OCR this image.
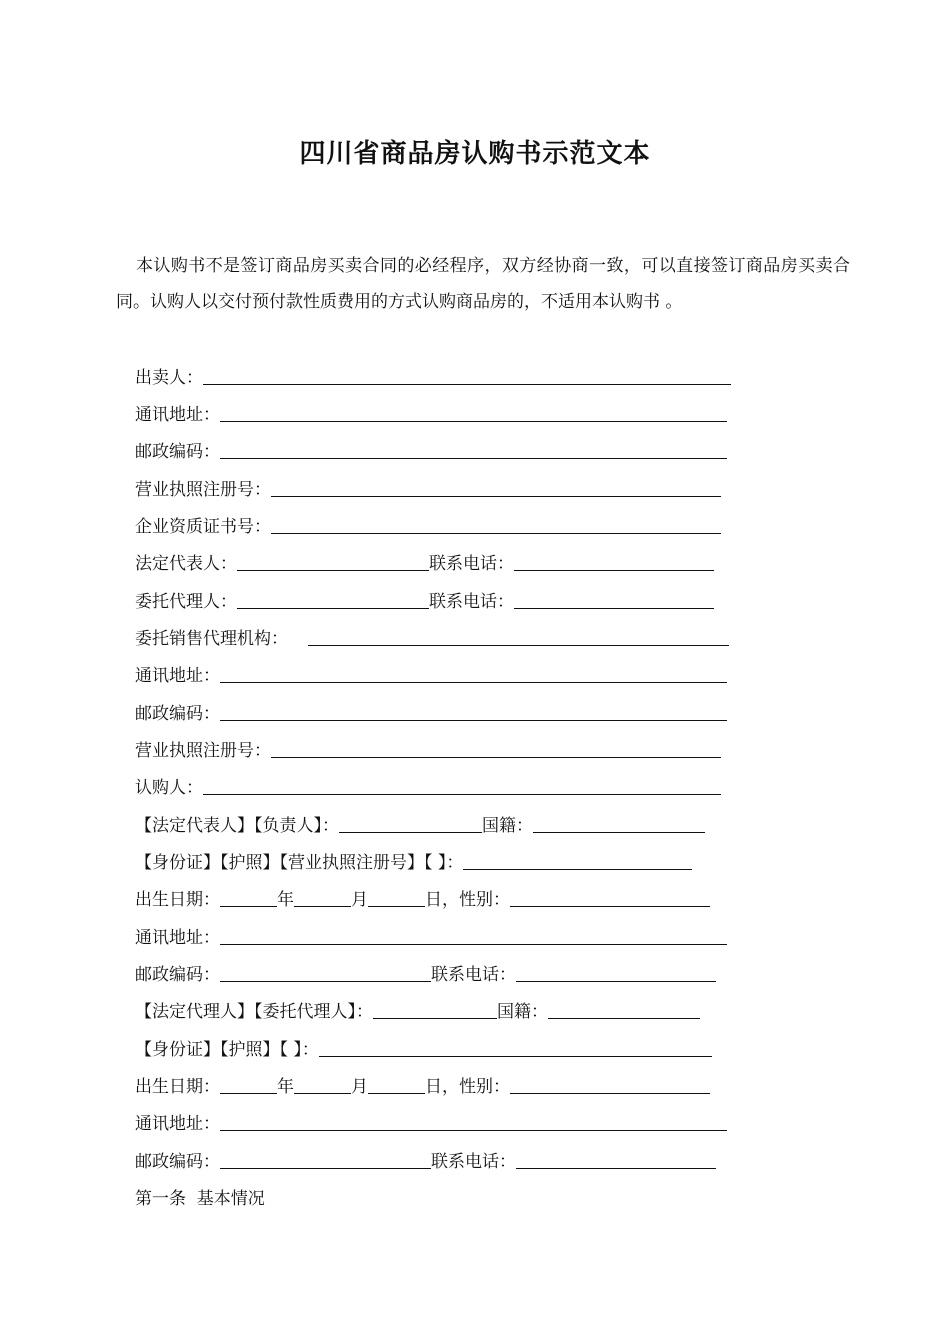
四川省商品房认购书示范文本

本认购书不是签订商品房买卖合同的必经程序，双方经协商一致，可以直接签订商品房买卖合同。认购人以交付预付款性质费用的方式认购商品房的，不适用本认购书 。

出卖人：
通讯地址：
邮政编码：
营业执照注册号：
企业资质证书号：
法定代表人：	联系电话：
委托代理人：	联系电话：
委托销售代理机构：
通讯地址：
邮政编码：
营业执照注册号：
认购人：
【法定代表人】【负责人】：	国籍：
【身份证】【护照】【营业执照注册号】【 】：
出生日期：	年	月	日，性别：
通讯地址：
邮政编码：	联系电话：
【法定代理人】【委托代理人】：	国籍：
【身份证】【护照】【 】：
出生日期：	年	月	日，性别：
通讯地址：
邮政编码：	联系电话：
第一条  基本情况
